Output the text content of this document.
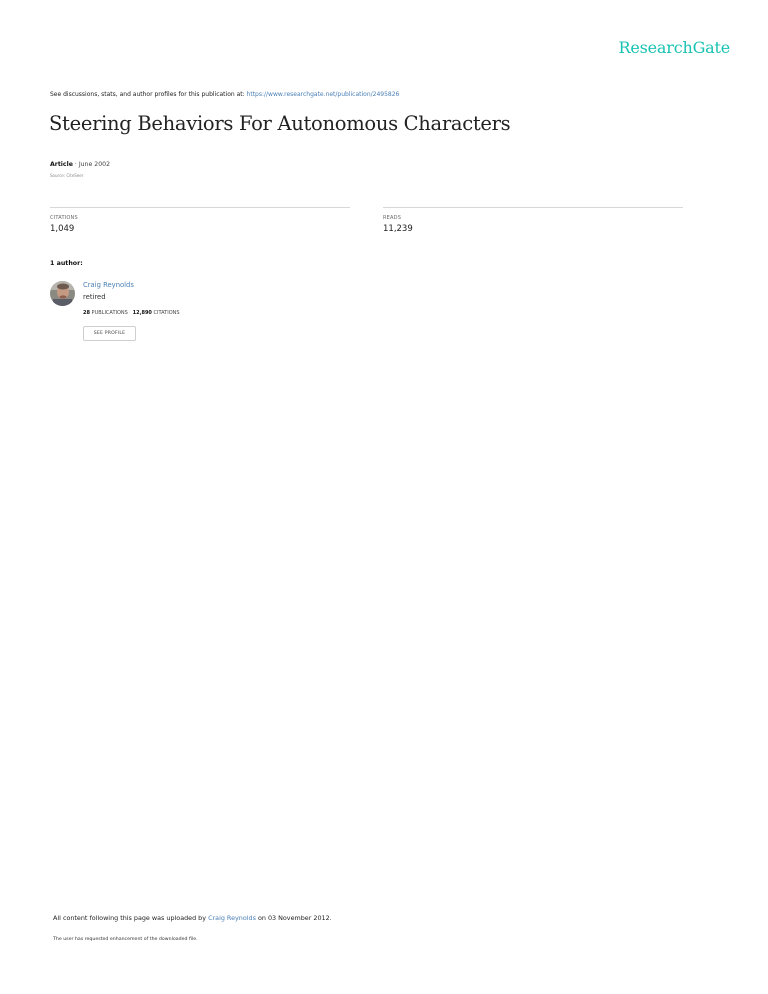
ResearchGate
See discussions, stats, and author profiles for this publication at: https://www.researchgate.net/publication/2495826
Steering Behaviors For Autonomous Characters
Article · June 2002
Source: CiteSeer
CITATIONS
1,049
READS
11,239
1 author:
Craig Reynolds
retired
28 PUBLICATIONS 12,890 CITATIONS
SEE PROFILE
All content following this page was uploaded by Craig Reynolds on 03 November 2012.
The user has requested enhancement of the downloaded file.
